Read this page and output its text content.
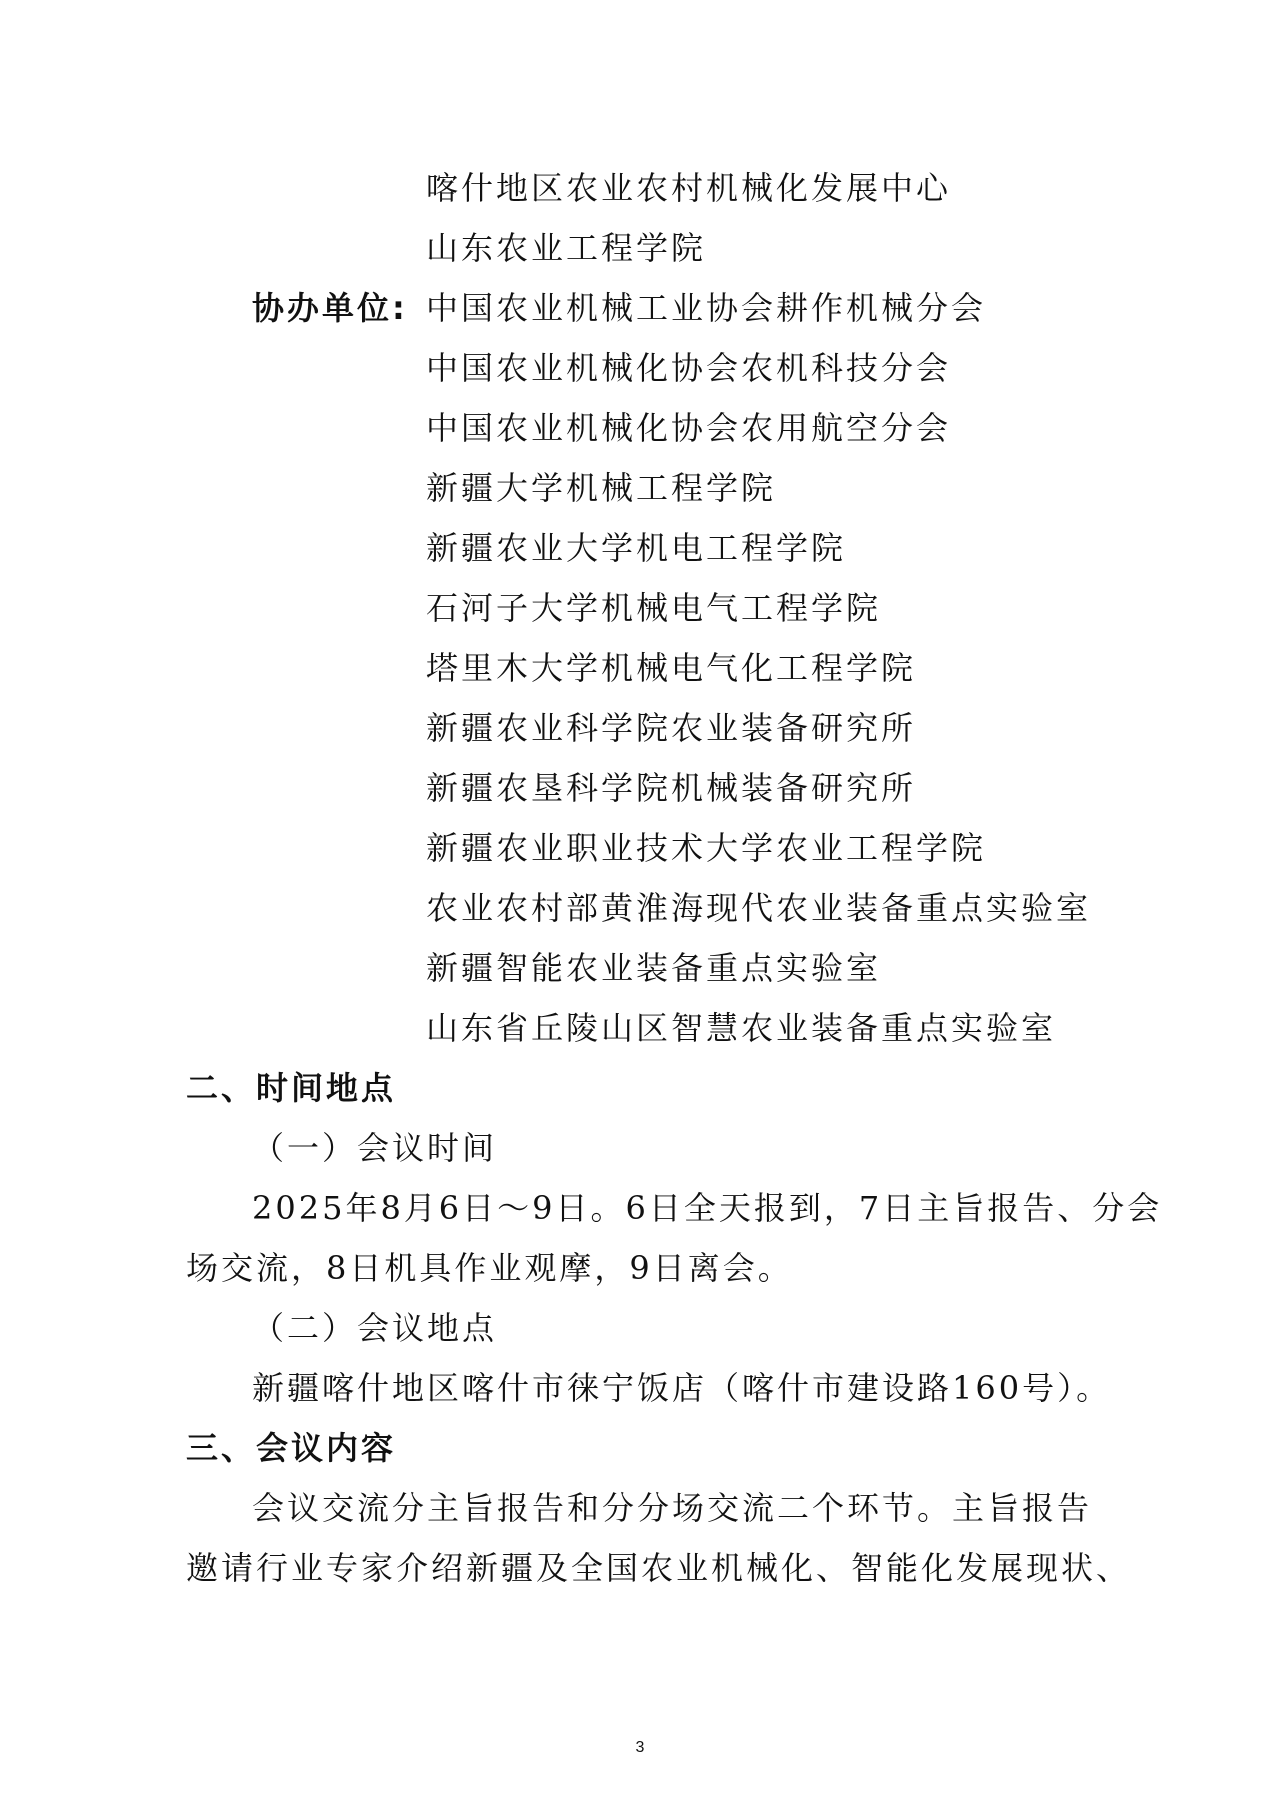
喀什地区农业农村机械化发展中心
山东农业工程学院
协办单位: 中国农业机械工业协会耕作机械分会
中国农业机械化协会农机科技分会
中国农业机械化协会农用航空分会
新疆大学机械工程学院
新疆农业大学机电工程学院
石河子大学机械电气工程学院
塔里木大学机械电气化工程学院
新疆农业科学院农业装备研究所
新疆农垦科学院机械装备研究所
新疆农业职业技术大学农业工程学院
农业农村部黄淮海现代农业装备重点实验室
新疆智能农业装备重点实验室
山东省丘陵山区智慧农业装备重点实验室
二、时间地点
（一）会议时间
2025年8月6日～9日。6日全天报到，7日主旨报告、分会
场交流，8日机具作业观摩，9日离会。
（二）会议地点
新疆喀什地区喀什市徕宁饭店（喀什市建设路160号）。
三、会议内容
会议交流分主旨报告和分分场交流二个环节。主旨报告
邀请行业专家介绍新疆及全国农业机械化、智能化发展现状、
3
